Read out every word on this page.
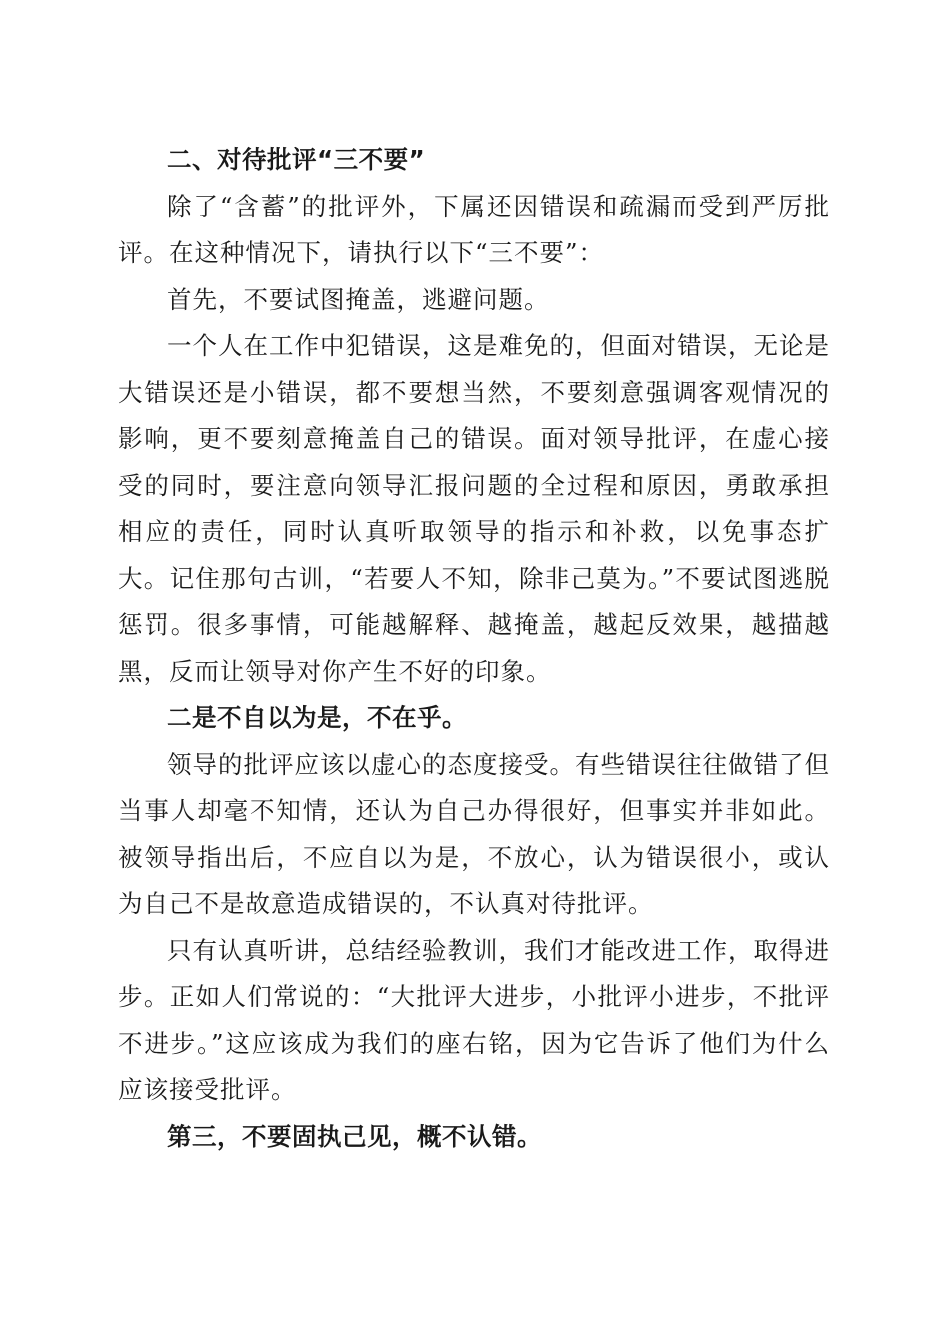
二、对待批评“三不要”

除了“含蓄”的批评外，下属还因错误和疏漏而受到严厉批评。在这种情况下，请执行以下“三不要”：

首先，不要试图掩盖，逃避问题。

一个人在工作中犯错误，这是难免的，但面对错误，无论是大错误还是小错误，都不要想当然，不要刻意强调客观情况的影响，更不要刻意掩盖自己的错误。面对领导批评，在虚心接受的同时，要注意向领导汇报问题的全过程和原因，勇敢承担相应的责任，同时认真听取领导的指示和补救，以免事态扩大。记住那句古训，“若要人不知，除非己莫为。”不要试图逃脱惩罚。很多事情，可能越解释、越掩盖，越起反效果，越描越黑，反而让领导对你产生不好的印象。

二是不自以为是，不在乎。

领导的批评应该以虚心的态度接受。有些错误往往做错了但当事人却毫不知情，还认为自己办得很好，但事实并非如此。被领导指出后，不应自以为是，不放心，认为错误很小，或认为自己不是故意造成错误的，不认真对待批评。

只有认真听讲，总结经验教训，我们才能改进工作，取得进步。正如人们常说的：“大批评大进步，小批评小进步，不批评不进步。”这应该成为我们的座右铭，因为它告诉了他们为什么应该接受批评。

第三，不要固执己见，概不认错。
